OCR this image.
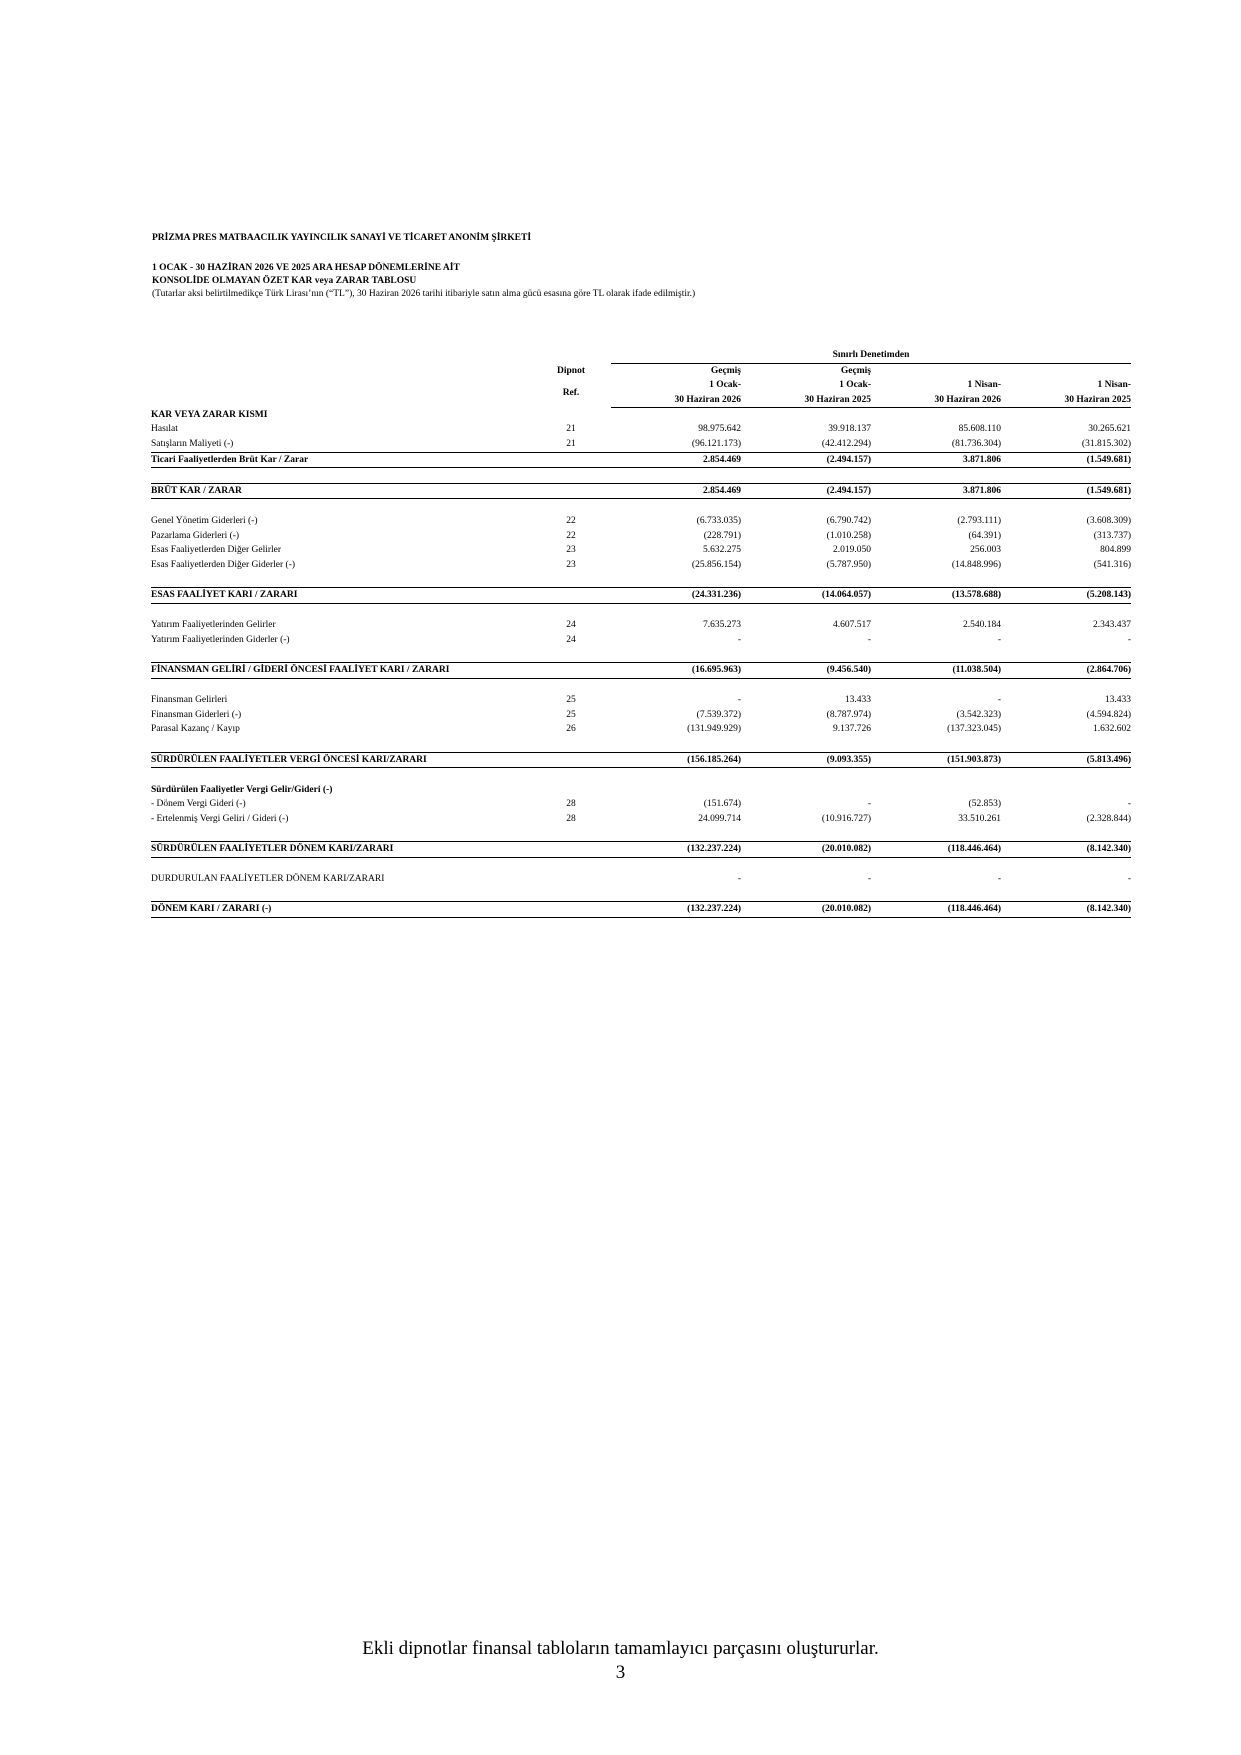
PRİZMA PRES MATBAACILIK YAYINCILIK SANAYİ VE TİCARET ANONİM ŞİRKETİ
1 OCAK - 30 HAZİRAN 2026 VE 2025 ARA HESAP DÖNEMLERİNE AİT
KONSOLİDE OLMAYAN ÖZET KAR veya ZARAR TABLOSU
(Tutarlar aksi belirtilmedikçe Türk Lirası’nın (“TL”), 30 Haziran 2026 tarihi itibariyle satın alma gücü esasına göre TL olarak ifade edilmiştir.)
		Sınırlı Denetimden			
	Dipnot	Geçmiş	Geçmiş		
	Ref.	1 Ocak-	1 Ocak-	1 Nisan-	1 Nisan-
		30 Haziran 2026	30 Haziran 2025	30 Haziran 2026	30 Haziran 2025
KAR VEYA ZARAR KISMI					
Hasılat	21	98.975.642	39.918.137	85.608.110	30.265.621
Satışların Maliyeti (-)	21	(96.121.173)	(42.412.294)	(81.736.304)	(31.815.302)
Ticari Faaliyetlerden Brüt Kar / Zarar		2.854.469	(2.494.157)	3.871.806	(1.549.681)

BRÜT KAR / ZARAR		2.854.469	(2.494.157)	3.871.806	(1.549.681)

Genel Yönetim Giderleri (-)	22	(6.733.035)	(6.790.742)	(2.793.111)	(3.608.309)
Pazarlama Giderleri (-)	22	(228.791)	(1.010.258)	(64.391)	(313.737)
Esas Faaliyetlerden Diğer Gelirler	23	5.632.275	2.019.050	256.003	804.899
Esas Faaliyetlerden Diğer Giderler (-)	23	(25.856.154)	(5.787.950)	(14.848.996)	(541.316)

ESAS FAALİYET KARI / ZARARI		(24.331.236)	(14.064.057)	(13.578.688)	(5.208.143)

Yatırım Faaliyetlerinden Gelirler	24	7.635.273	4.607.517	2.540.184	2.343.437
Yatırım Faaliyetlerinden Giderler (-)	24	-	-	-	-

FİNANSMAN GELİRİ / GİDERİ ÖNCESİ FAALİYET KARI / ZARARI		(16.695.963)	(9.456.540)	(11.038.504)	(2.864.706)

Finansman Gelirleri	25	-	13.433	-	13.433
Finansman Giderleri (-)	25	(7.539.372)	(8.787.974)	(3.542.323)	(4.594.824)
Parasal Kazanç / Kayıp	26	(131.949.929)	9.137.726	(137.323.045)	1.632.602

SÜRDÜRÜLEN FAALİYETLER VERGİ ÖNCESİ KARI/ZARARI		(156.185.264)	(9.093.355)	(151.903.873)	(5.813.496)

Sürdürülen Faaliyetler Vergi Gelir/Gideri (-)					
- Dönem Vergi Gideri (-)	28	(151.674)	-	(52.853)	-
- Ertelenmiş Vergi Geliri / Gideri (-)	28	24.099.714	(10.916.727)	33.510.261	(2.328.844)

SÜRDÜRÜLEN FAALİYETLER DÖNEM KARI/ZARARI		(132.237.224)	(20.010.082)	(118.446.464)	(8.142.340)

DURDURULAN FAALİYETLER DÖNEM KARI/ZARARI		-	-	-	-

DÖNEM KARI / ZARARI (-)		(132.237.224)	(20.010.082)	(118.446.464)	(8.142.340)
Ekli dipnotlar finansal tabloların tamamlayıcı parçasını oluştururlar.
3
